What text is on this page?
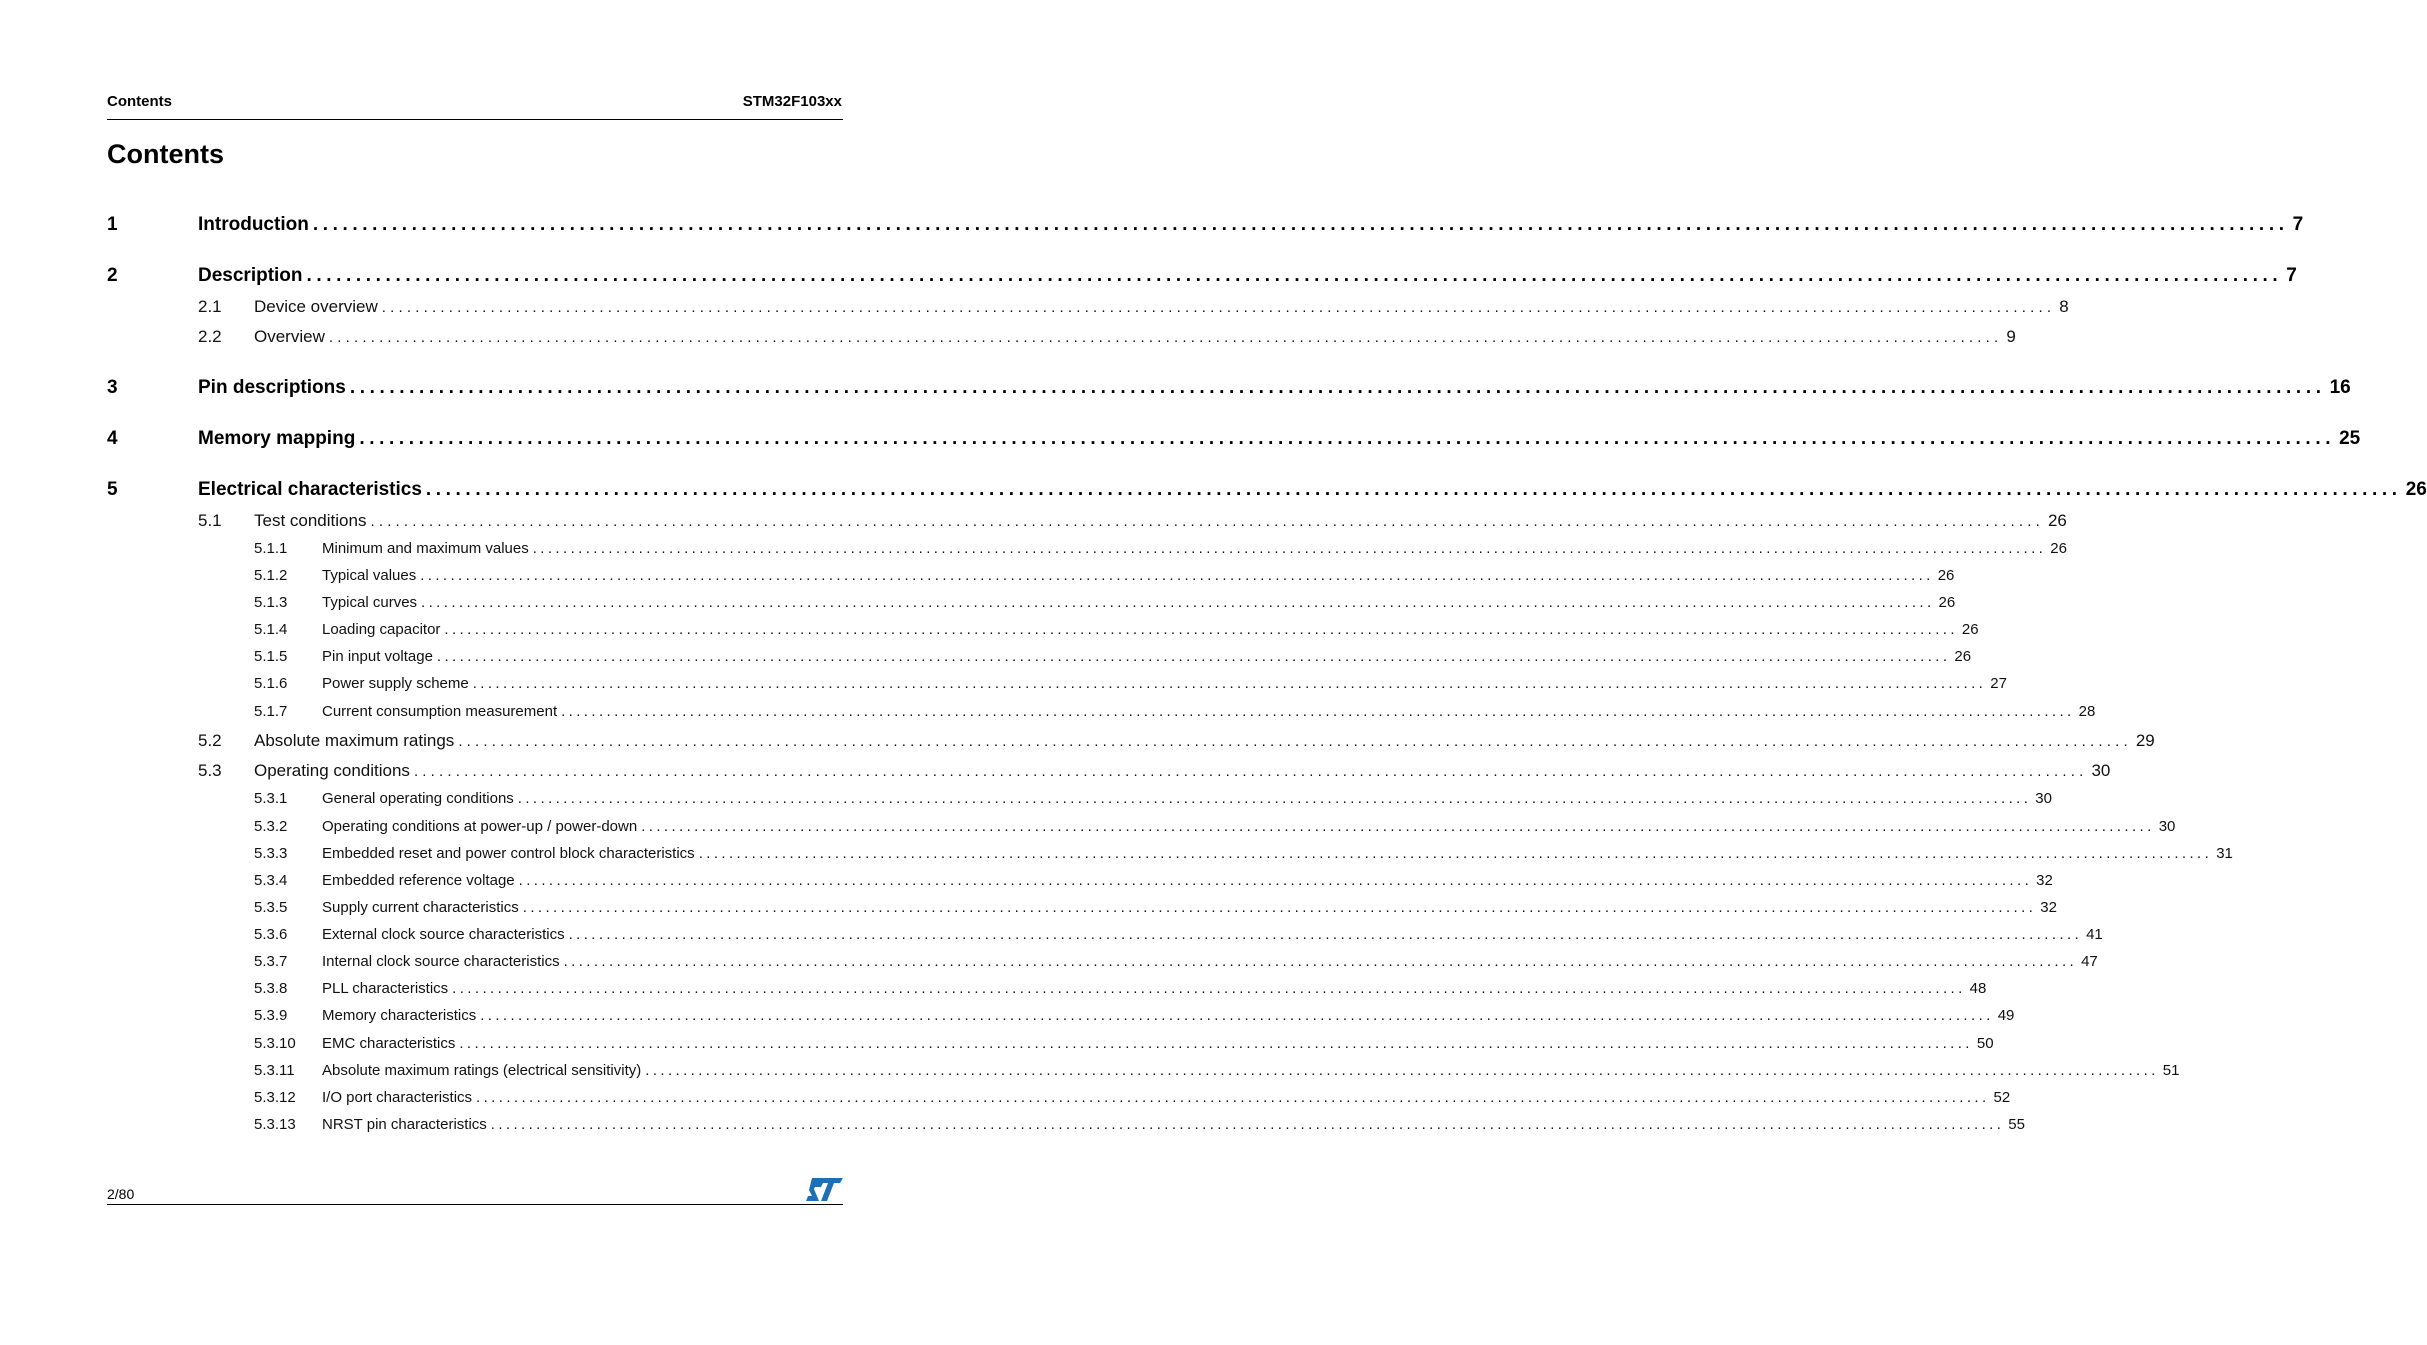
Contents	STM32F103xx
Contents
1	Introduction ........................................................................................................................................................................................................ 7
2	Description ........................................................................................................................................................................................................ 7
2.1 Device overview ........................................................................................................................................................................................................ 8
2.2 Overview ........................................................................................................................................................................................................ 9
3	Pin descriptions ........................................................................................................................................................................................................ 16
4	Memory mapping ........................................................................................................................................................................................................ 25
5	Electrical characteristics ........................................................................................................................................................................................................ 26
5.1 Test conditions ........................................................................................................................................................................................................ 26
5.1.1 Minimum and maximum values ........................................................................................................................................................................................................ 26
5.1.2 Typical values ........................................................................................................................................................................................................ 26
5.1.3 Typical curves ........................................................................................................................................................................................................ 26
5.1.4 Loading capacitor ........................................................................................................................................................................................................ 26
5.1.5 Pin input voltage ........................................................................................................................................................................................................ 26
5.1.6 Power supply scheme ........................................................................................................................................................................................................ 27
5.1.7 Current consumption measurement ........................................................................................................................................................................................................ 28
5.2 Absolute maximum ratings ........................................................................................................................................................................................................ 29
5.3 Operating conditions ........................................................................................................................................................................................................ 30
5.3.1 General operating conditions ........................................................................................................................................................................................................ 30
5.3.2 Operating conditions at power-up / power-down ........................................................................................................................................................................................................ 30
5.3.3 Embedded reset and power control block characteristics ........................................................................................................................................................................................................ 31
5.3.4 Embedded reference voltage ........................................................................................................................................................................................................ 32
5.3.5 Supply current characteristics ........................................................................................................................................................................................................ 32
5.3.6 External clock source characteristics ........................................................................................................................................................................................................ 41
5.3.7 Internal clock source characteristics ........................................................................................................................................................................................................ 47
5.3.8 PLL characteristics ........................................................................................................................................................................................................ 48
5.3.9 Memory characteristics ........................................................................................................................................................................................................ 49
5.3.10 EMC characteristics ........................................................................................................................................................................................................ 50
5.3.11 Absolute maximum ratings (electrical sensitivity) ........................................................................................................................................................................................................ 51
5.3.12 I/O port characteristics ........................................................................................................................................................................................................ 52
5.3.13 NRST pin characteristics ........................................................................................................................................................................................................ 55
2/80
